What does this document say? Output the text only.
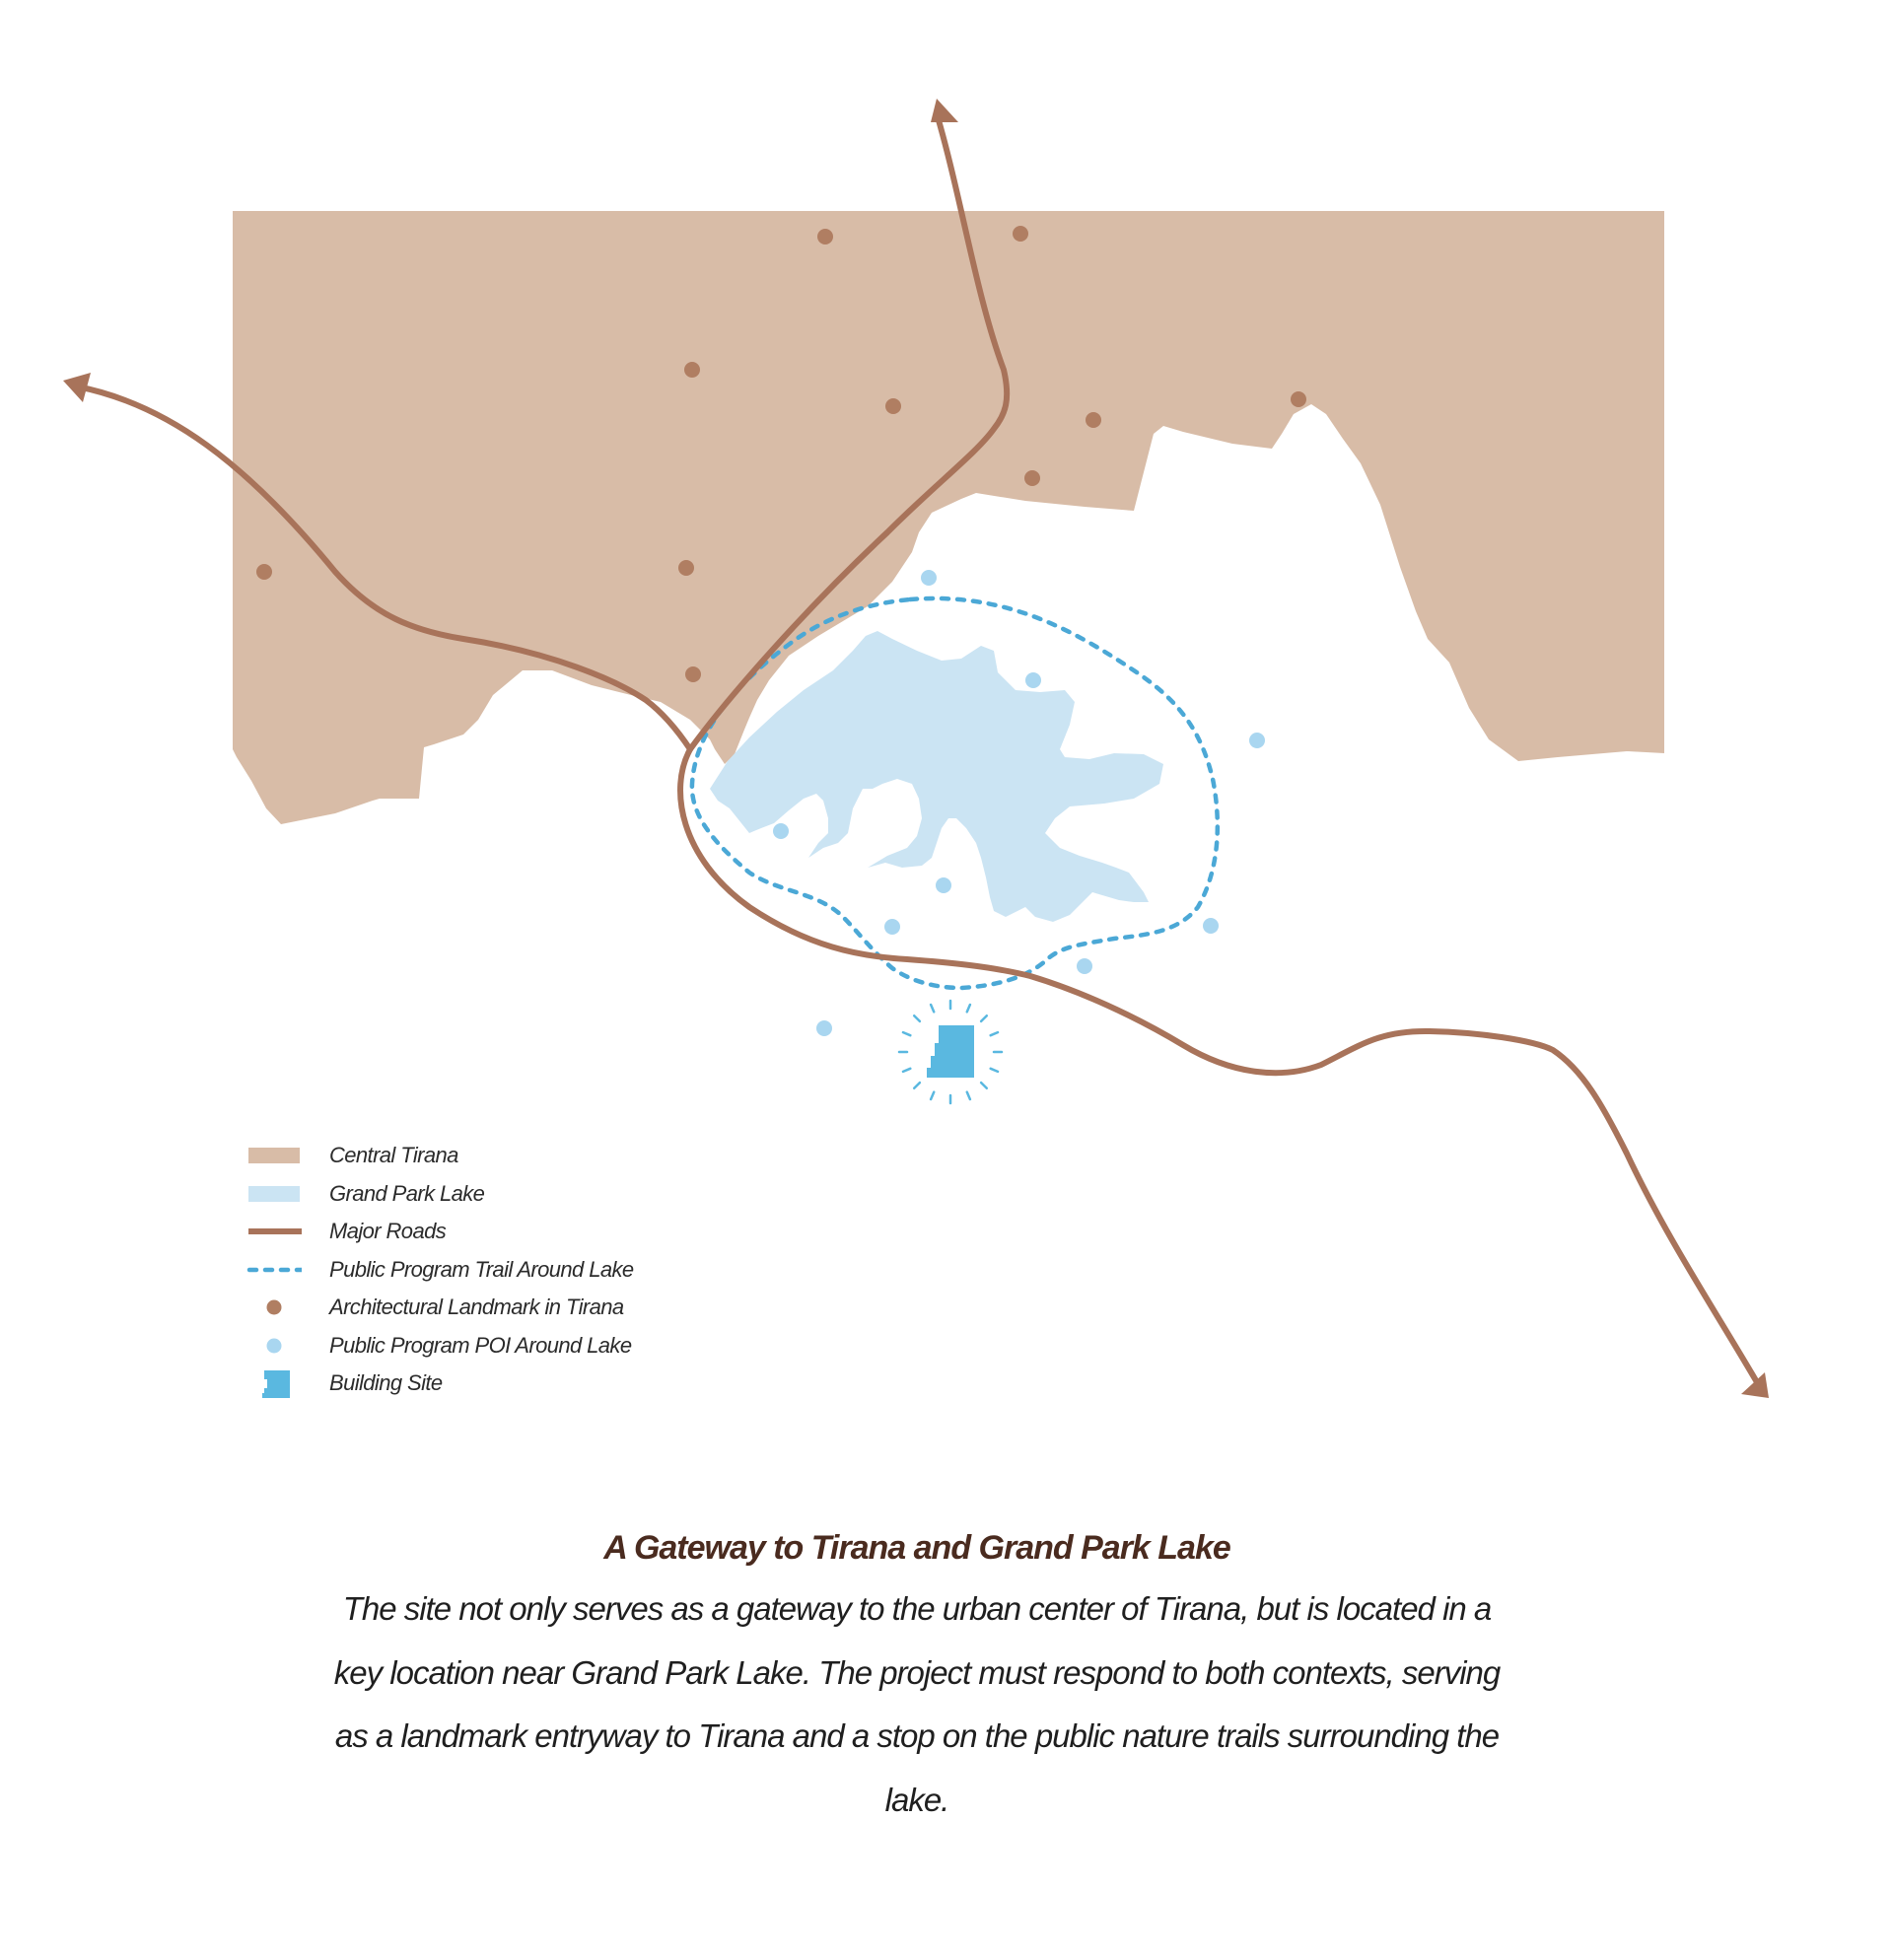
Central Tirana
Grand Park Lake
Major Roads
Public Program Trail Around Lake
Architectural Landmark in Tirana
Public Program POI Around Lake
Building Site

A Gateway to Tirana and Grand Park Lake

The site not only serves as a gateway to the urban center of Tirana, but is located in a key location near Grand Park Lake. The project must respond to both contexts, serving as a landmark entryway to Tirana and a stop on the public nature trails surrounding the lake.
